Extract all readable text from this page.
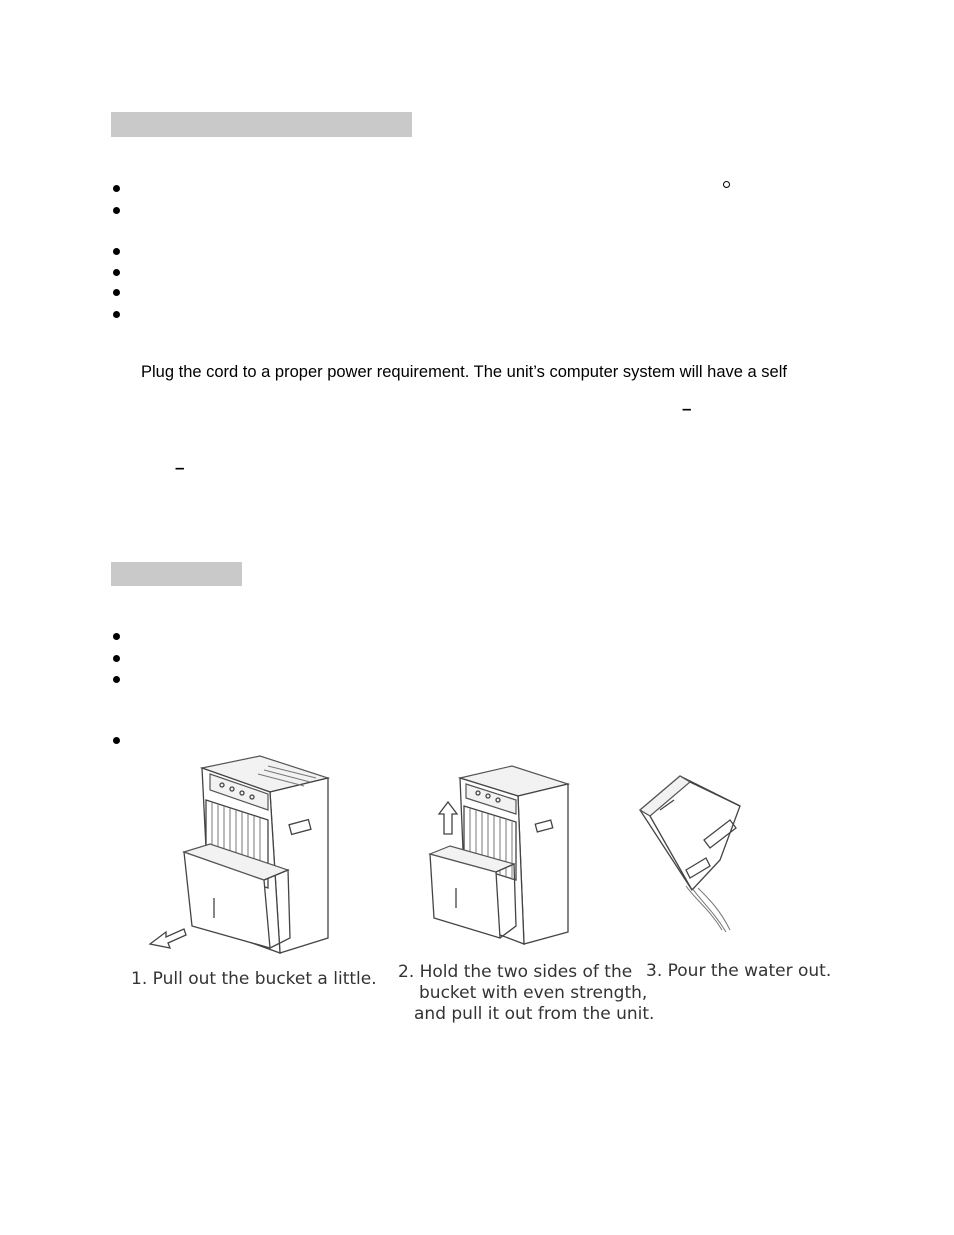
Plug the cord to a proper power requirement. The unit’s computer system will have a self
–
–
1. Pull out the bucket a little. 2. Hold the two sides of the
bucket with even strength,
and pull it out from the unit.
3. Pour the water out.
